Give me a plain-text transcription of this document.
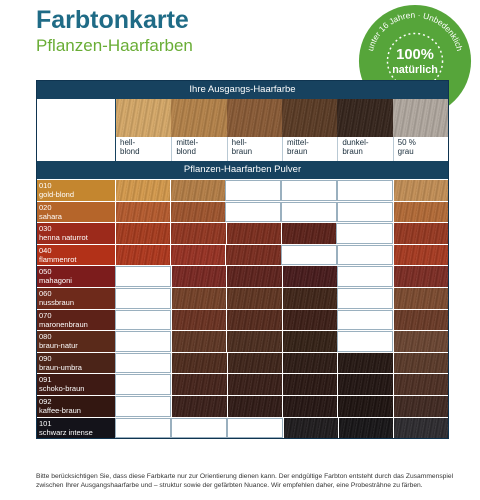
Farbtonkarte
Pflanzen-Haarfarben	unter 16 Jahren · Unbedenklich
100%
natürlich
Ihre Ausgangs-Haarfarbe
hell-
blond
mittel-
blond
hell-
braun
mittel-
braun
dunkel-
braun
50 %
grau
Pflanzen-Haarfarben Pulver
010
gold-blond
020
sahara
030
henna naturrot
040
flammenrot
050
mahagoni
060
nussbraun
070
maronenbraun
080
braun-natur
090
braun-umbra
091
schoko-braun
092
kaffee-braun
101
schwarz intense
Bitte berücksichtigen Sie, dass diese Farbkarte nur zur Orientierung dienen kann. Der endgültige Farbton entsteht durch das Zusammenspiel zwischen Ihrer Ausgangshaarfarbe und – struktur sowie der gefärbten Nuance. Wir empfehlen daher, eine Probesträhne zu färben.
